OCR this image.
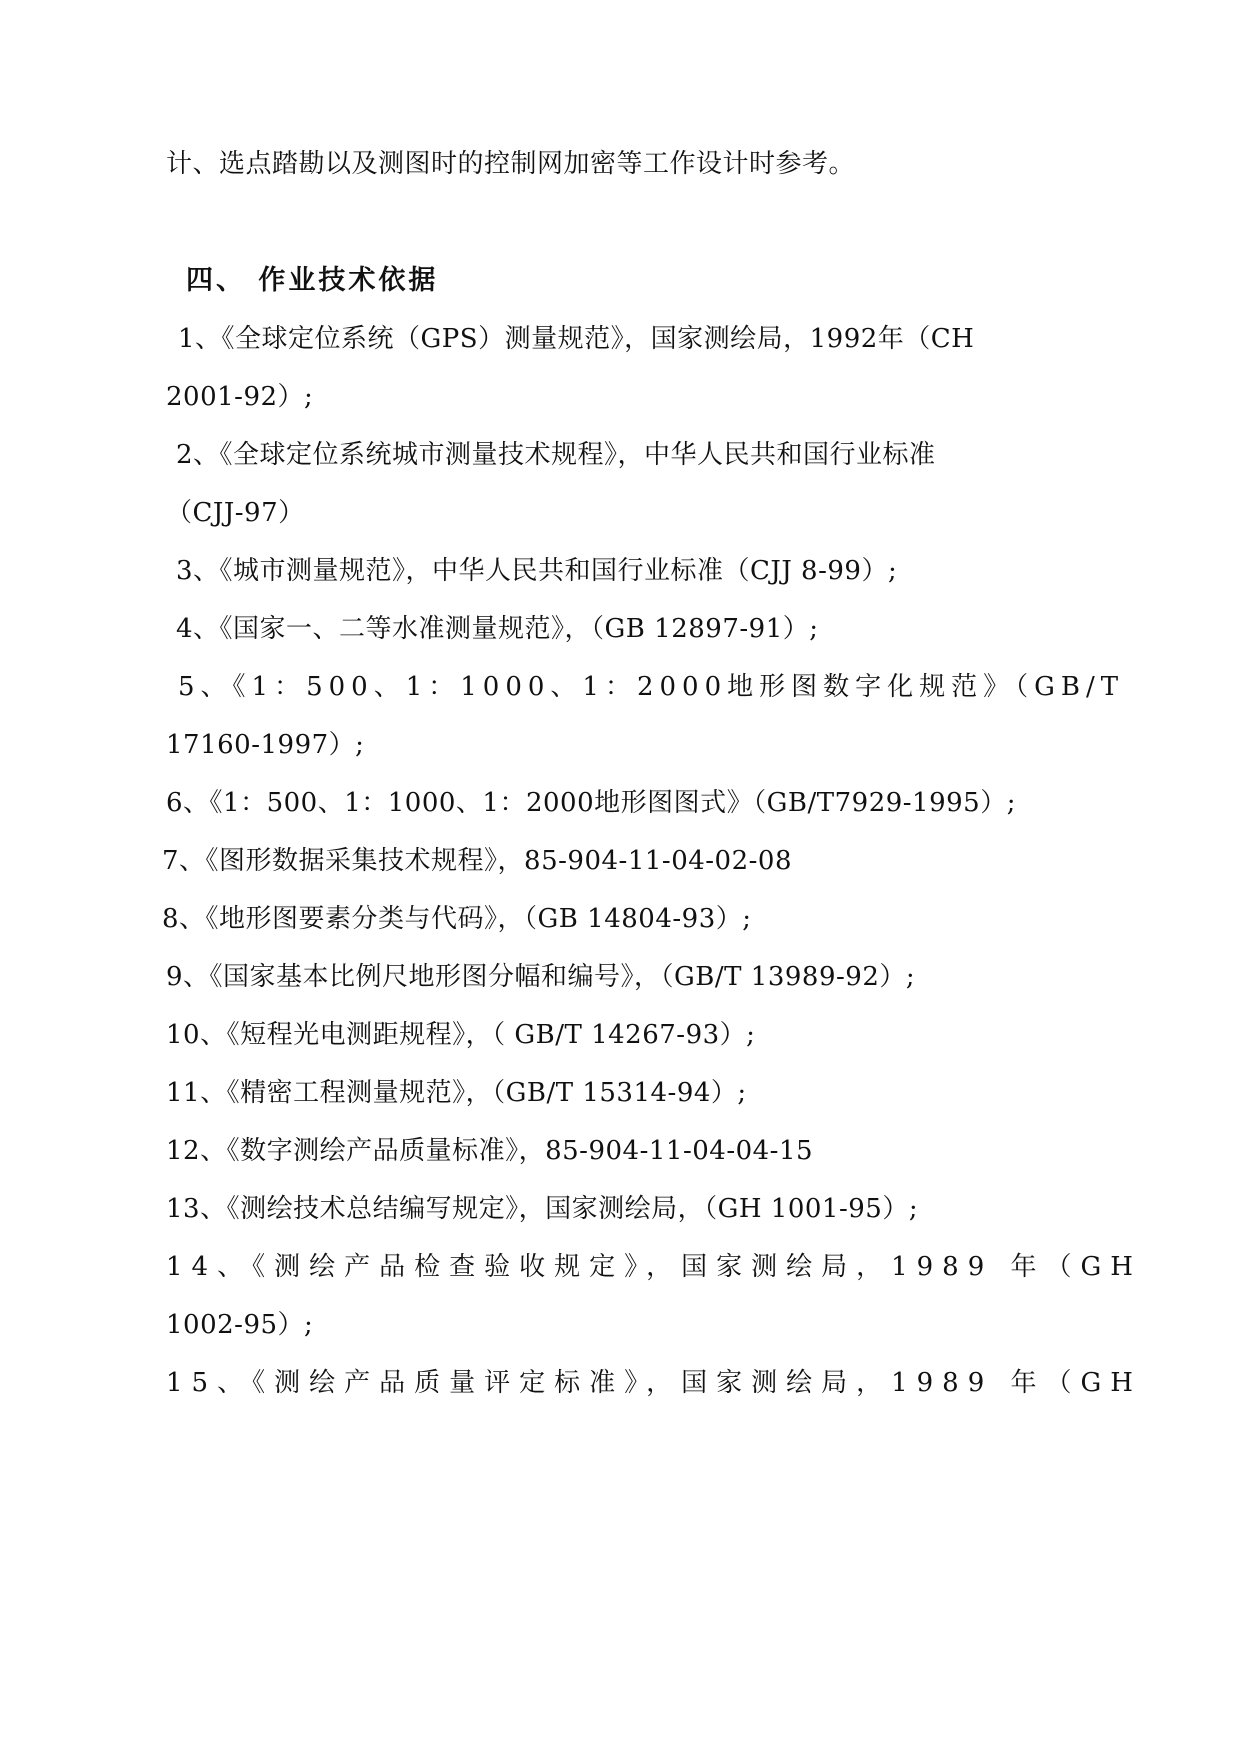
计、选点踏勘以及测图时的控制网加密等工作设计时参考。
四、 作业技术依据
1、《全球定位系统（GPS）测量规范》，国家测绘局，1992年（CH
2001-92）;
2、《全球定位系统城市测量技术规程》，中华人民共和国行业标准
（CJJ-97）
3、《城市测量规范》，中华人民共和国行业标准（CJJ 8-99）;
4、《国家一、二等水准测量规范》，（GB 12897-91）;
5、《1：500、1：1000、1：2000地形图数字化规范》（GB/T
17160-1997）;
6、《1：500、1：1000、1：2000地形图图式》（GB/T7929-1995）;
7、《图形数据采集技术规程》，85-904-11-04-02-08
8、《地形图要素分类与代码》，（GB 14804-93）;
9、《国家基本比例尺地形图分幅和编号》，（GB/T 13989-92）;
10、《短程光电测距规程》，（ GB/T 14267-93）;
11、《精密工程测量规范》，（GB/T 15314-94）;
12、《数字测绘产品质量标准》，85-904-11-04-04-15
13、《测绘技术总结编写规定》，国家测绘局，（GH 1001-95）;
14、《测绘产品检查验收规定》，国家测绘局，1989 年（GH
1002-95）;
15、《测绘产品质量评定标准》，国家测绘局，1989 年（GH
